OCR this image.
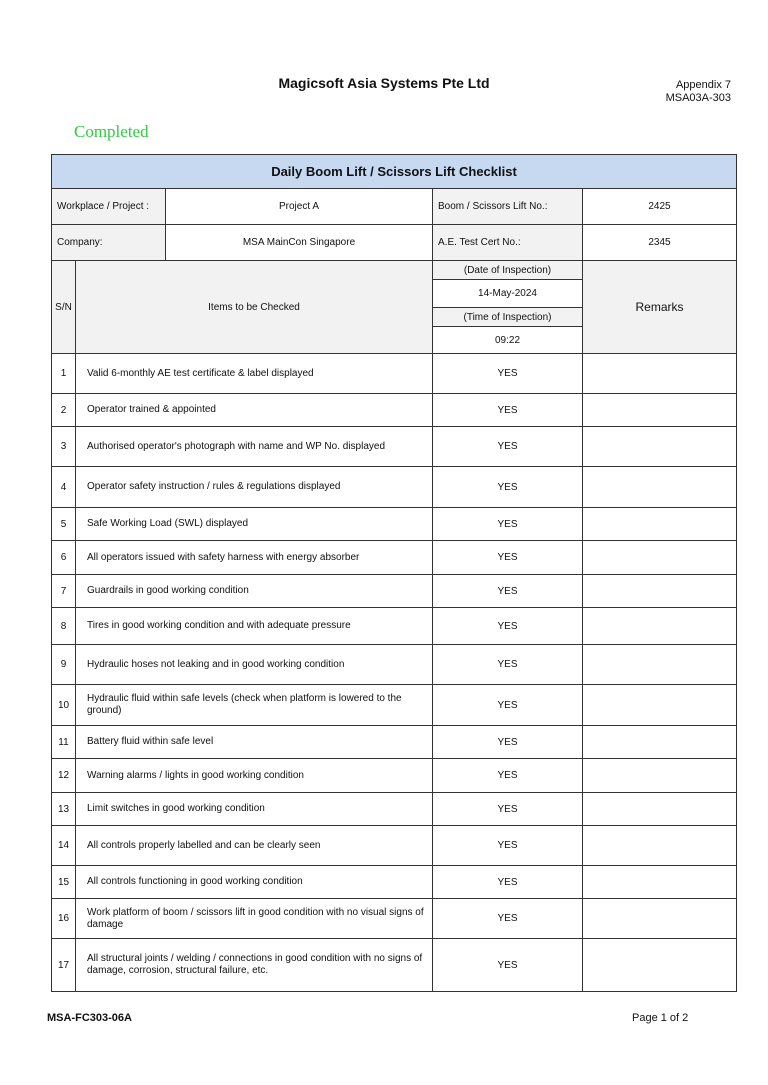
Magicsoft Asia Systems Pte Ltd	Appendix 7
MSA03A-303
Completed
Daily Boom Lift / Scissors Lift Checklist				
Workplace / Project :		Project A	Boom / Scissors Lift No.:	2425
Company:		MSA MainCon Singapore	A.E. Test Cert No.:	2345
S/N	Items to be Checked		(Date of Inspection)	Remarks
			14-May-2024	
			(Time of Inspection)	
			09:22	
1	Valid 6-monthly AE test certificate & label displayed		YES	
2	Operator trained & appointed		YES	
3	Authorised operator's photograph with name and WP No. displayed		YES	
4	Operator safety instruction / rules & regulations displayed		YES	
5	Safe Working Load (SWL) displayed		YES	
6	All operators issued with safety harness with energy absorber		YES	
7	Guardrails in good working condition		YES	
8	Tires in good working condition and with adequate pressure		YES	
9	Hydraulic hoses not leaking and in good working condition		YES	
10	Hydraulic fluid within safe levels (check when platform is lowered to the ground)		YES	
11	Battery fluid within safe level		YES	
12	Warning alarms / lights in good working condition		YES	
13	Limit switches in good working condition		YES	
14	All controls properly labelled and can be clearly seen		YES	
15	All controls functioning in good working condition		YES	
16	Work platform of boom / scissors lift in good condition with no visual signs of damage		YES	
17	All structural joints / welding / connections in good condition with no signs of damage, corrosion, structural failure, etc.		YES	
MSA-FC303-06A	Page 1 of 2
